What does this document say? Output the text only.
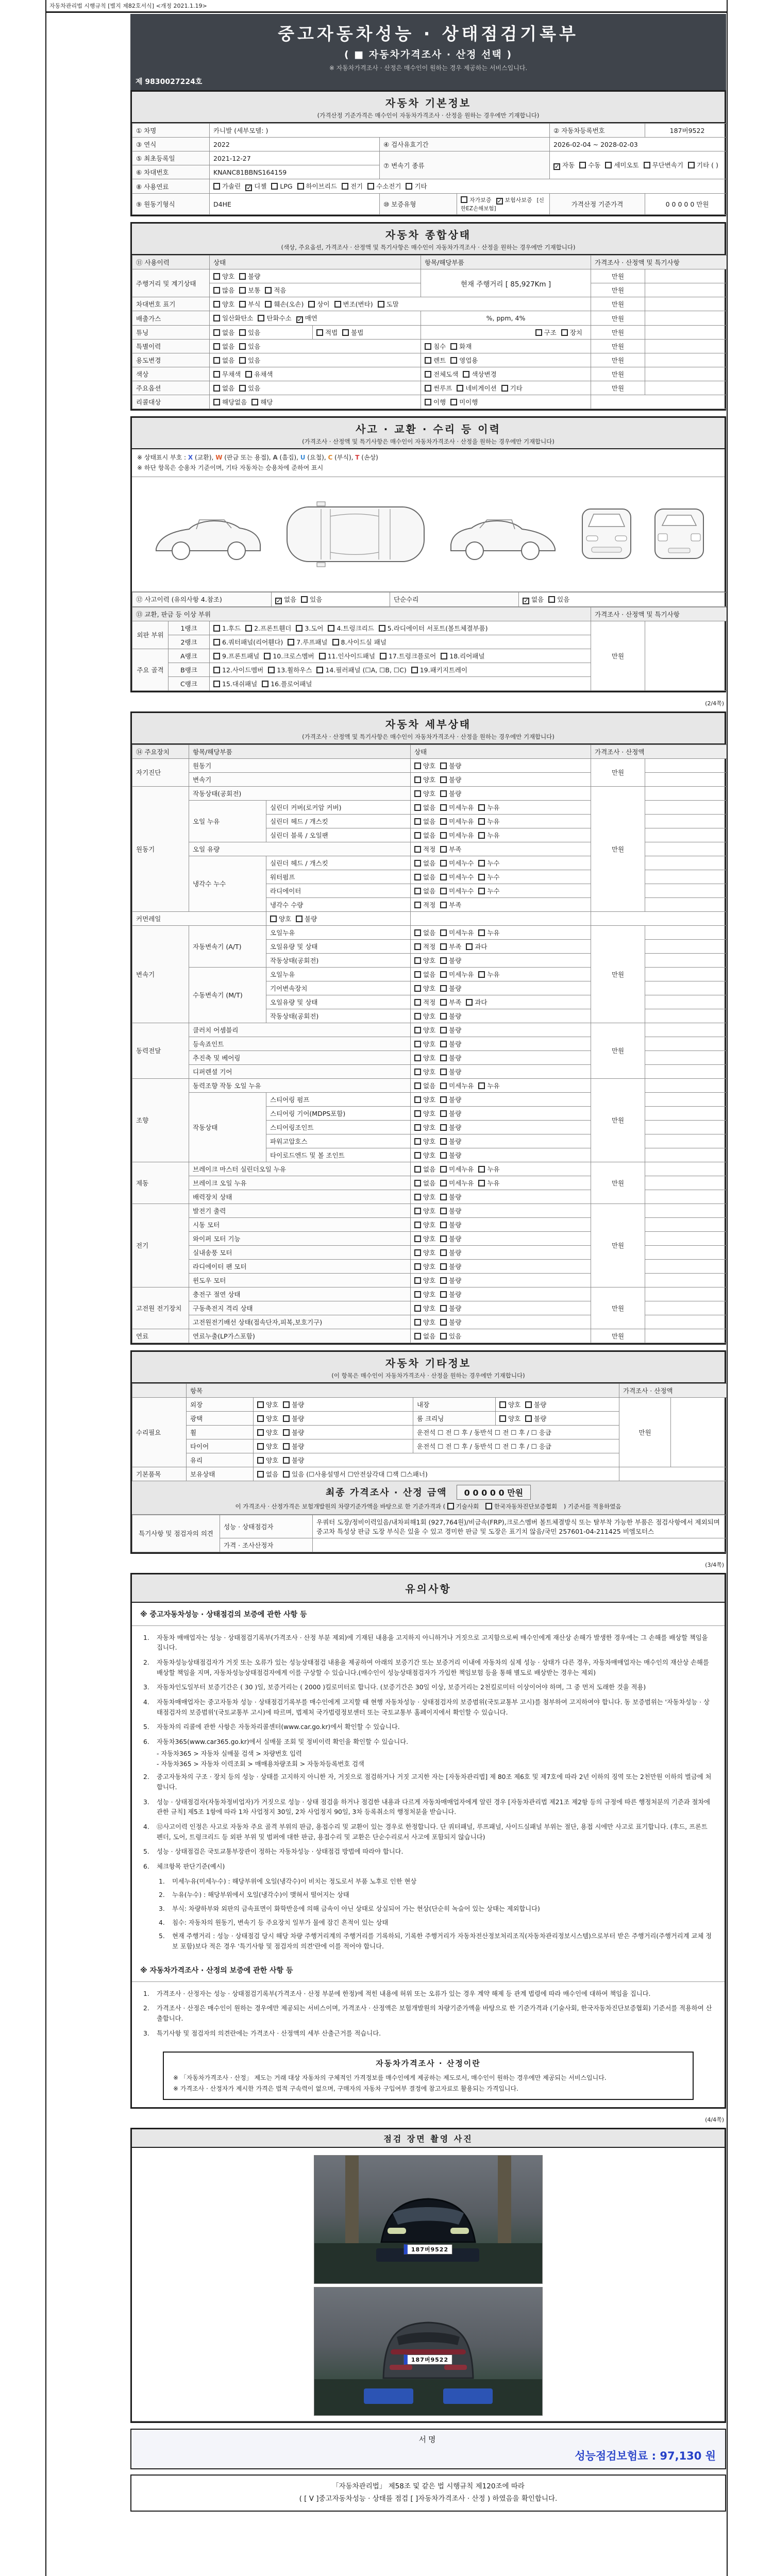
자동차관리법 시행규칙 [별지 제82호서식] <개정 2021.1.19>
중고자동차성능 · 상태점검기록부
( ■ 자동차가격조사 · 산정 선택 )
※ 자동차가격조사 · 산정은 매수인이 원하는 경우 제공하는 서비스입니다.
제 9830027224호
자동차 기본정보
(가격산정 기준가격은 매수인이 자동차가격조사 · 산정을 원하는 경우에만 기재합니다)
① 차명	카니발 (세부모델: )			② 자동차등록번호	187버9522
③ 연식	2022	④ 검사유효기간		2026-02-04 ~ 2028-02-03	
⑤ 최초등록일	2021-12-27	⑦ 변속기 종류		✓ 자동 수동 세미오토 무단변속기 기타 ( )	
⑥ 차대번호	KNANC81BBNS164159				
⑧ 사용연료	가솔린 ✓ 디젤 LPG 하이브리드 전기 수소전기 기타				
⑨ 원동기형식	D4HE	⑩ 보증유형	자가보증 ✓ 보험사보증 [신한EZ손해보험]	가격산정 기준가격	0 0 0 0 0 만원
자동차 종합상태
(색상, 주요옵션, 가격조사 · 산정액 및 특기사항은 매수인이 자동차가격조사 · 산정을 원하는 경우에만 기재합니다)
⑪ 사용이력	상태		항목/해당부품	가격조사 · 산정액 및 특기사항	
주행거리 및 계기상태	양호 불량		현재 주행거리 [ 85,927Km ]	만원	
	많음 보통 적음			만원	
차대번호 표기	양호 부식 훼손(오손) 상이 변조(변타) 도말			만원	
배출가스	일산화탄소 탄화수소 ✓ 매연		%, ppm, 4%	만원	
튜닝	없음 있음	적법 불법	구조 장치	만원	
특별이력	없음 있음		침수 화재	만원	
용도변경	없음 있음		렌트 영업용	만원	
색상	무채색 유채색		전체도색 색상변경	만원	
주요옵션	없음 있음		썬루프 네비게이션 기타	만원	
리콜대상	해당없음 해당		이행 미이행		
사고 · 교환 · 수리 등 이력
(가격조사 · 산정액 및 특기사항은 매수인이 자동차가격조사 · 산정을 원하는 경우에만 기재합니다)
※ 상태표시 부호 : X (교환), W (판금 또는 용접), A (흠집), U (요철), C (부식), T (손상)
※ 하단 항목은 승용차 기준이며, 기타 자동차는 승용차에 준하여 표시
⑫ 사고이력 (유의사항 4.참조)	✓ 없음 있음	단순수리	✓ 없음 있음
⑬ 교환, 판금 등 이상 부위			가격조사 · 산정액 및 특기사항	
외판 부위	1랭크	1.후드 2.프론트휀더 3.도어 4.트렁크리드 5.라디에이터 서포트(볼트체결부품)	만원	
	2랭크	6.쿼터패널(리어휀다) 7.루프패널 8.사이드실 패널		
주요 골격	A랭크	9.프론트패널 10.크로스멤버 11.인사이드패널 17.트렁크플로어 18.리어패널		
	B랭크	12.사이드멤버 13.휠하우스 14.필러패널 (☐A, ☐B, ☐C) 19.패키지트레이		
	C랭크	15.대쉬패널 16.플로어패널		
(2/4쪽)
자동차 세부상태
(가격조사 · 산정액 및 특기사항은 매수인이 자동차가격조사 · 산정을 원하는 경우에만 기재합니다)
⑭ 주요장치	항목/해당부품		상태	가격조사 · 산정액	
자기진단	원동기		양호 불량	만원	
	변속기		양호 불량		
원동기	작동상태(공회전)		양호 불량	만원	
	오일 누유	실린더 커버(로커암 커버)	없음 미세누유 누유		
		실린더 헤드 / 개스킷	없음 미세누유 누유		
		실린더 블록 / 오일팬	없음 미세누유 누유		
	오일 유량		적정 부족		
	냉각수 누수	실린더 헤드 / 개스킷	없음 미세누수 누수		
		워터펌프	없음 미세누수 누수		
		라디에이터	없음 미세누수 누수		
		냉각수 수량	적정 부족		
커먼레일		양호 불량			
변속기	자동변속기 (A/T)	오일누유	없음 미세누유 누유	만원	
		오일유량 및 상태	적정 부족 과다		
		작동상태(공회전)	양호 불량		
	수동변속기 (M/T)	오일누유	없음 미세누유 누유		
		기어변속장치	양호 불량		
		오일유량 및 상태	적정 부족 과다		
		작동상태(공회전)	양호 불량		
동력전달	클러치 어셈블리		양호 불량	만원	
	등속죠인트		양호 불량		
	추진축 및 베어링		양호 불량		
	디퍼렌셜 기어		양호 불량		
조향	동력조향 작동 오일 누유		없음 미세누유 누유	만원	
	작동상태	스티어링 펌프	양호 불량		
		스티어링 기어(MDPS포함)	양호 불량		
		스티어링조인트	양호 불량		
		파워고압호스	양호 불량		
		타이로드엔드 및 볼 조인트	양호 불량		
제동	브레이크 마스터 실린더오일 누유		없음 미세누유 누유	만원	
	브레이크 오일 누유		없음 미세누유 누유		
	배력장치 상태		양호 불량		
전기	발전기 출력		양호 불량	만원	
	시동 모터		양호 불량		
	와이퍼 모터 기능		양호 불량		
	실내송풍 모터		양호 불량		
	라디에이터 팬 모터		양호 불량		
	윈도우 모터		양호 불량		
고전원 전기장치	충전구 절연 상태		양호 불량	만원	
	구동축전지 격리 상태		양호 불량		
	고전원전기배선 상태(접속단자,피복,보호기구)		양호 불량		
연료	연료누출(LP가스포함)		없음 있음	만원	
자동차 기타정보
(이 항목은 매수인이 자동차가격조사 · 산정을 원하는 경우에만 기재합니다)
	항목				가격조사 · 산정액	
수리필요	외장	양호 불량	내장	양호 불량	만원	
	광택	양호 불량	룸 크리닝	양호 불량		
	휠	양호 불량	운전석 ☐ 전 ☐ 후 / 동반석 ☐ 전 ☐ 후 / ☐ 응급			
	타이어	양호 불량	운전석 ☐ 전 ☐ 후 / 동반석 ☐ 전 ☐ 후 / ☐ 응급			
	유리	양호 불량				
기본품목	보유상태	없음 있음 (☐사용설명서 ☐안전삼각대 ☐잭 ☐스패너)				
최종 가격조사 · 산정 금액	0 0 0 0 0 만원
이 가격조사 · 산정가격은 보험개발원의 차량기준가액을 바탕으로 한 기준가격과 ( 기술사회	한국자동차진단보증협회 ) 기준서를 적용하였음
특기사항 및 점검자의 의견	성능 · 상태점검자	우쿼터 도장/정비이력있음/내차피해1회 (927,764원)/비금속(FRP),크로스멤버 볼트체결방식 또는 탈부착 가능한 부품은 점검사항에서 제외되며 중고차 특성상 판금 도장 부식은 있을 수 있고 경미한 판금 및 도장은 표기치 않음/국민 257601-04-211425 비엠모터스
	가격 · 조사산정자	
(3/4쪽)
유의사항
※ 중고자동차성능 · 상태점검의 보증에 관한 사항 등
1.	자동차 매매업자는 성능 · 상태점검기록부(가격조사 · 산정 부분 제외)에 기재된 내용을 고지하지 아니하거나 거짓으로 고지함으로써 매수인에게 재산상 손해가 발생한 경우에는 그 손해를 배상할 책임을 집니다.
2.	자동차성능상태점검자가 거짓 또는 오류가 있는 성능상태점검 내용을 제공하여 아래의 보증기간 또는 보증거리 이내에 자동차의 실제 성능 · 상태가 다른 경우, 자동차매매업자는 매수인의 재산상 손해를 배상할 책임을 지며, 자동차성능상태점검자에게 이를 구상할 수 있습니다.(매수인이 성능상태점검자가 가입한 책임보험 등을 통해 별도로 배상받는 경우는 제외)
3.	자동차인도일부터 보증기간은 ( 30 )일, 보증거리는 ( 2000 )킬로미터로 합니다. (보증기간은 30일 이상, 보증거리는 2천킬로미터 이상이어야 하며, 그 중 먼저 도래한 것을 적용)
4.	자동차매매업자는 중고자동차 성능 · 상태점검기록부를 매수인에게 고지할 때 현행 자동차성능 · 상태점검자의 보증범위(국토교통부 고시)를 첨부하여 고지하여야 합니다. 동 보증범위는 '자동차성능 · 상태점검자의 보증범위'(국토교통부 고시)에 따르며, 법제처 국가법령정보센터 또는 국토교통부 홈페이지에서 확인할 수 있습니다.
5.	자동차의 리콜에 관한 사항은 자동차리콜센터(www.car.go.kr)에서 확인할 수 있습니다.
6.	자동차365(www.car365.go.kr)에서 실매물 조회 및 정비이력 확인을 확인할 수 있습니다.
- 자동차365 > 자동차 실매물 검색 > 차량번호 입력
- 자동차365 > 자동차 이력조회 > 매매용차량조회 > 자동차등록번호 검색
2.	중고자동차의 구조 · 장치 등의 성능 · 상태를 고지하지 아니한 자, 거짓으로 점검하거나 거짓 고지한 자는 [자동차관리법] 제 80조 제6호 및 제7호에 따라 2년 이하의 징역 또는 2천만원 이하의 벌금에 처합니다.
3.	성능 · 상태점검자(자동차정비업자)가 거짓으로 성능 · 상태 점검을 하거나 점검한 내용과 다르게 자동차매매업자에게 알린 경우 [자동차관리법 제21조 제2항 등의 규정에 따른 행정처분의 기준과 절차에 관한 규칙] 제5조 1항에 따라 1차 사업정지 30일, 2차 사업정지 90일, 3차 등록취소의 행정처분을 받습니다.
4.	⑫사고이력 인정은 사고로 자동차 주요 골격 부위의 판금, 용접수리 및 교환이 있는 경우로 한정합니다. 단 쿼터패널, 루프패널, 사이드실패널 부위는 절단, 용접 시에만 사고로 표기합니다. (후드, 프론트펜더, 도어, 트렁크리드 등 외판 부위 및 범퍼에 대한 판금, 용접수리 및 교환은 단순수리로서 사고에 포함되지 않습니다)
5.	성능 · 상태점검은 국토교통부장관이 정하는 자동차성능 · 상태점검 방법에 따라야 합니다.
6.	체크항목 판단기준(예시)
1.	미세누유(미세누수) : 해당부위에 오일(냉각수)이 비치는 정도로서 부품 노후로 인한 현상
2.	누유(누수) : 해당부위에서 오일(냉각수)이 맺혀서 떨어지는 상태
3.	부식: 차량하부와 외판의 금속표면이 화학반응에 의해 금속이 아닌 상태로 상실되어 가는 현상(단순히 녹슬어 있는 상태는 제외합니다)
4.	침수: 자동차의 원동기, 변속기 등 주요장치 일부가 물에 잠긴 흔적이 있는 상태
5.	현재 주행거리 : 성능 · 상태점검 당시 해당 차량 주행거리계의 주행거리를 기록하되, 기록한 주행거리가 자동차전산정보처리조직(자동차관리정보시스템)으로부터 받은 주행거리(주행거리계 교체 정보 포함)보다 적은 경우 '특기사항 및 점검자의 의견'란에 이를 적어야 합니다.
※ 자동차가격조사 · 산정의 보증에 관한 사항 등
1.	가격조사 · 산정자는 성능 · 상태점검기록부(가격조사 · 산정 부분에 한정)에 적힌 내용에 허위 또는 오류가 있는 경우 계약 해제 등 관계 법령에 따라 매수인에 대하여 책임을 집니다.
2.	가격조사 · 산정은 매수인이 원하는 경우에만 제공되는 서비스이며, 가격조사 · 산정액은 보험개발원의 차량기준가액을 바탕으로 한 기준가격과 (기술사회, 한국자동차진단보증협회) 기준서를 적용하여 산출합니다.
3.	특기사항 및 점검자의 의견란에는 가격조사 · 산정액의 세부 산출근거를 적습니다.
자동차가격조사 · 산정이란
※ 「자동차가격조사 · 산정」 제도는 거래 대상 자동차의 구체적인 가격정보를 매수인에게 제공하는 제도로서, 매수인이 원하는 경우에만 제공되는 서비스입니다.
※ 가격조사 · 산정자가 제시한 가격은 법적 구속력이 없으며, 구매자의 자동차 구입여부 결정에 참고자료로 활용되는 가격입니다.
(4/4쪽)
점검 장면 촬영 사진
187버9522
187버9522
서명
성능점검보험료 : 97,130 원
「자동차관리법」 제58조 및 같은 법 시행규칙 제120조에 따라
( [ V ]중고자동차성능 · 상태를 점검 [ ]자동차가격조사 · 산정 ) 하였음을 확인합니다.
